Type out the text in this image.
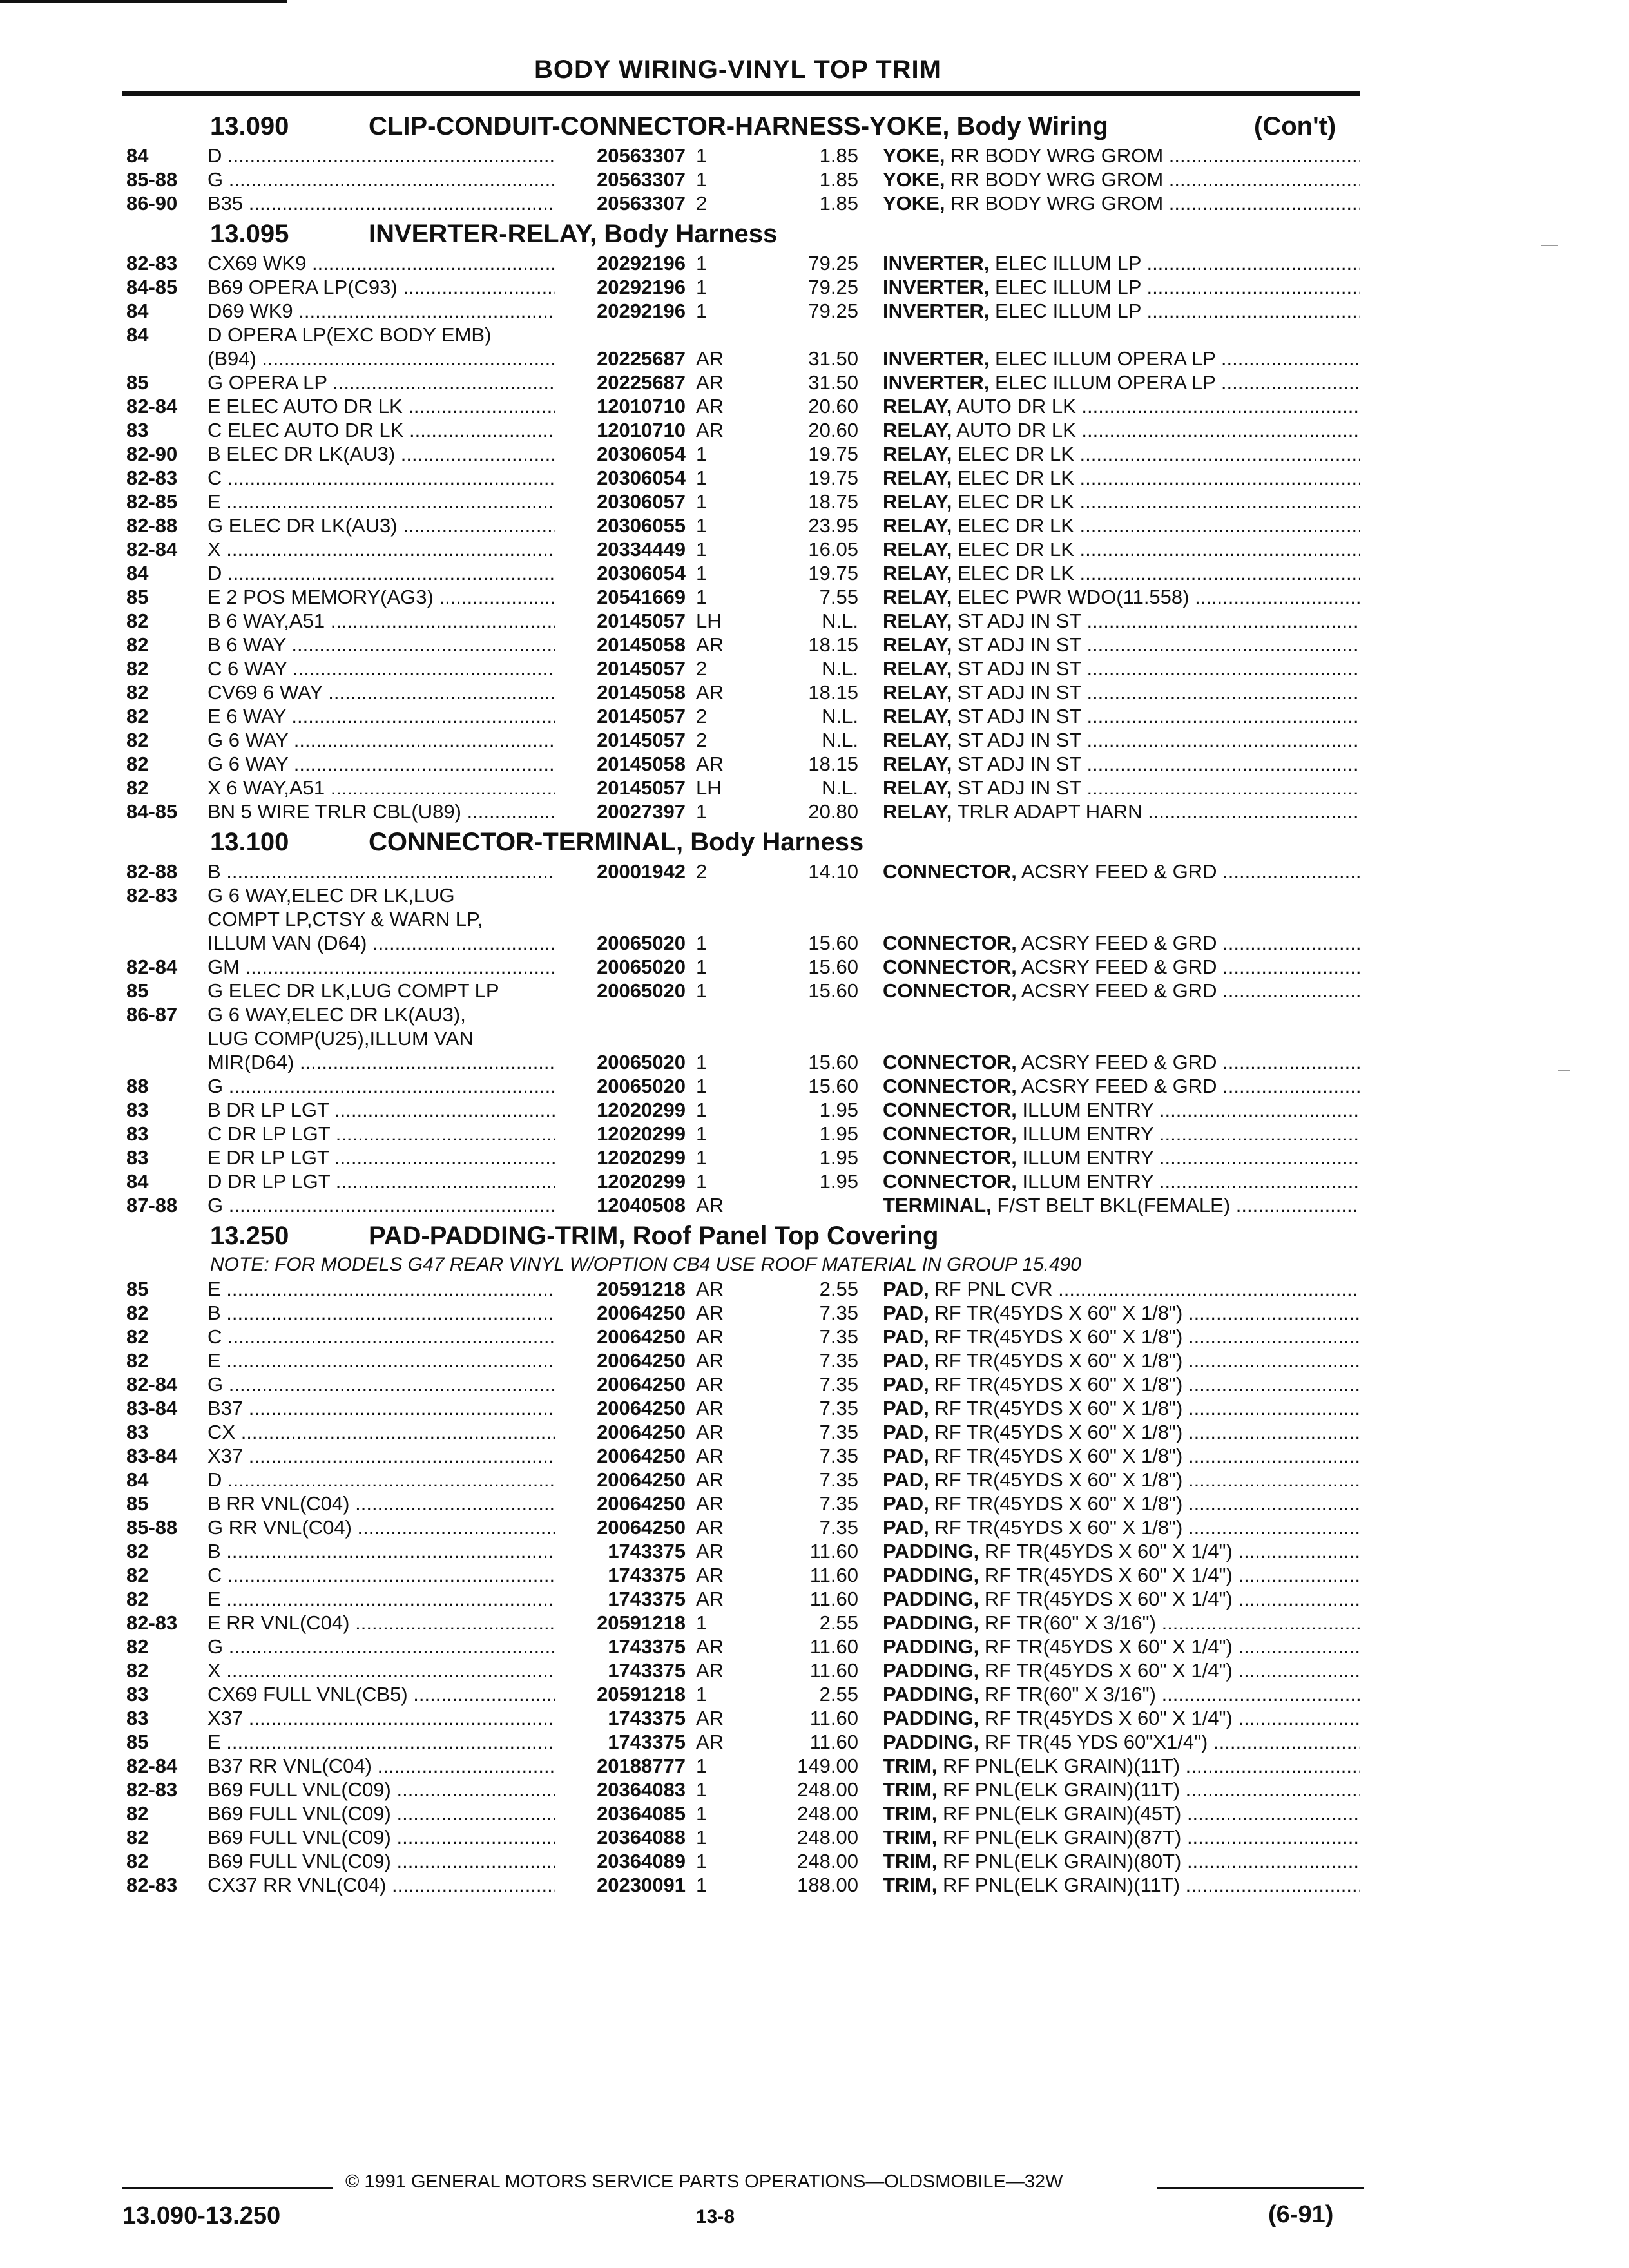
BODY WIRING-VINYL TOP TRIM
13.090	CLIP-CONDUIT-CONNECTOR-HARNESS-YOKE, Body Wiring	(Con't)
84	D .....	20563307 1	1.85 YOKE, RR BODY WRG GROM .....
85-88 G .....	20563307 1	1.85 YOKE, RR BODY WRG GROM .....
86-90 B35 .....	20563307 2	1.85 YOKE, RR BODY WRG GROM .....
13.095	INVERTER-RELAY, Body Harness
82-83 CX69 WK9 .....	20292196 1	79.25 INVERTER, ELEC ILLUM LP .....
84-85 B69 OPERA LP(C93) .....	20292196 1	79.25 INVERTER, ELEC ILLUM LP .....
84	D69 WK9 .....	20292196 1	79.25 INVERTER, ELEC ILLUM LP .....
84	D OPERA LP(EXC BODY EMB)
(B94) .....	20225687 AR	31.50 INVERTER, ELEC ILLUM OPERA LP .....
85	G OPERA LP .....	20225687 AR	31.50 INVERTER, ELEC ILLUM OPERA LP .....
82-84 E ELEC AUTO DR LK .....	12010710 AR	20.60 RELAY, AUTO DR LK .....
83	C ELEC AUTO DR LK .....	12010710 AR	20.60 RELAY, AUTO DR LK .....
82-90 B ELEC DR LK(AU3) .....	20306054 1	19.75 RELAY, ELEC DR LK .....
82-83 C .....	20306054 1	19.75 RELAY, ELEC DR LK .....
82-85 E .....	20306057 1	18.75 RELAY, ELEC DR LK .....
82-88 G ELEC DR LK(AU3) .....	20306055 1	23.95 RELAY, ELEC DR LK .....
82-84 X .....	20334449 1	16.05 RELAY, ELEC DR LK .....
84	D .....	20306054 1	19.75 RELAY, ELEC DR LK .....
85	E 2 POS MEMORY(AG3) .....	20541669 1	7.55 RELAY, ELEC PWR WDO(11.558) .....
82	B 6 WAY,A51 .....	20145057 LH	N.L. RELAY, ST ADJ IN ST .....
82	B 6 WAY .....	20145058 AR	18.15 RELAY, ST ADJ IN ST .....
82	C 6 WAY .....	20145057 2	N.L. RELAY, ST ADJ IN ST .....
82	CV69 6 WAY .....	20145058 AR	18.15 RELAY, ST ADJ IN ST .....
82	E 6 WAY .....	20145057 2	N.L. RELAY, ST ADJ IN ST .....
82	G 6 WAY .....	20145057 2	N.L. RELAY, ST ADJ IN ST .....
82	G 6 WAY .....	20145058 AR	18.15 RELAY, ST ADJ IN ST .....
82	X 6 WAY,A51 .....	20145057 LH	N.L. RELAY, ST ADJ IN ST .....
84-85 BN 5 WIRE TRLR CBL(U89) .....	20027397 1	20.80 RELAY, TRLR ADAPT HARN .....
13.100	CONNECTOR-TERMINAL, Body Harness
82-88 B .....	20001942 2	14.10 CONNECTOR, ACSRY FEED & GRD .....
82-83 G 6 WAY,ELEC DR LK,LUG
COMPT LP,CTSY & WARN LP,
ILLUM VAN (D64) .....	20065020 1	15.60 CONNECTOR, ACSRY FEED & GRD .....
82-84 GM .....	20065020 1	15.60 CONNECTOR, ACSRY FEED & GRD .....
85	G ELEC DR LK,LUG COMPT LP	20065020 1	15.60 CONNECTOR, ACSRY FEED & GRD .....
86-87 G 6 WAY,ELEC DR LK(AU3),
LUG COMP(U25),ILLUM VAN
MIR(D64) .....	20065020 1	15.60 CONNECTOR, ACSRY FEED & GRD .....
88	G .....	20065020 1	15.60 CONNECTOR, ACSRY FEED & GRD .....
83	B DR LP LGT .....	12020299 1	1.95 CONNECTOR, ILLUM ENTRY .....
83	C DR LP LGT .....	12020299 1	1.95 CONNECTOR, ILLUM ENTRY .....
83	E DR LP LGT .....	12020299 1	1.95 CONNECTOR, ILLUM ENTRY .....
84	D DR LP LGT .....	12020299 1	1.95 CONNECTOR, ILLUM ENTRY .....
87-88 G .....	12040508 AR	TERMINAL, F/ST BELT BKL(FEMALE) .....
13.250	PAD-PADDING-TRIM, Roof Panel Top Covering
NOTE: FOR MODELS G47 REAR VINYL W/OPTION CB4 USE ROOF MATERIAL IN GROUP 15.490
85	E .....	20591218 AR	2.55 PAD, RF PNL CVR .....
82	B .....	20064250 AR	7.35 PAD, RF TR(45YDS X 60" X 1/8") .....
82	C .....	20064250 AR	7.35 PAD, RF TR(45YDS X 60" X 1/8") .....
82	E .....	20064250 AR	7.35 PAD, RF TR(45YDS X 60" X 1/8") .....
82-84 G .....	20064250 AR	7.35 PAD, RF TR(45YDS X 60" X 1/8") .....
83-84 B37 .....	20064250 AR	7.35 PAD, RF TR(45YDS X 60" X 1/8") .....
83	CX .....	20064250 AR	7.35 PAD, RF TR(45YDS X 60" X 1/8") .....
83-84 X37 .....	20064250 AR	7.35 PAD, RF TR(45YDS X 60" X 1/8") .....
84	D .....	20064250 AR	7.35 PAD, RF TR(45YDS X 60" X 1/8") .....
85	B RR VNL(C04) .....	20064250 AR	7.35 PAD, RF TR(45YDS X 60" X 1/8") .....
85-88 G RR VNL(C04) .....	20064250 AR	7.35 PAD, RF TR(45YDS X 60" X 1/8") .....
82	B .....	1743375 AR	11.60 PADDING, RF TR(45YDS X 60" X 1/4") .....
82	C .....	1743375 AR	11.60 PADDING, RF TR(45YDS X 60" X 1/4") .....
82	E .....	1743375 AR	11.60 PADDING, RF TR(45YDS X 60" X 1/4") .....
82-83 E RR VNL(C04) .....	20591218 1	2.55 PADDING, RF TR(60" X 3/16") .....
82	G .....	1743375 AR	11.60 PADDING, RF TR(45YDS X 60" X 1/4") .....
82	X .....	1743375 AR	11.60 PADDING, RF TR(45YDS X 60" X 1/4") .....
83	CX69 FULL VNL(CB5) .....	20591218 1	2.55 PADDING, RF TR(60" X 3/16") .....
83	X37 .....	1743375 AR	11.60 PADDING, RF TR(45YDS X 60" X 1/4") .....
85	E .....	1743375 AR	11.60 PADDING, RF TR(45 YDS 60"X1/4") .....
82-84 B37 RR VNL(C04) .....	20188777 1	149.00 TRIM, RF PNL(ELK GRAIN)(11T) .....
82-83 B69 FULL VNL(C09) .....	20364083 1	248.00 TRIM, RF PNL(ELK GRAIN)(11T) .....
82	B69 FULL VNL(C09) .....	20364085 1	248.00 TRIM, RF PNL(ELK GRAIN)(45T) .....
82	B69 FULL VNL(C09) .....	20364088 1	248.00 TRIM, RF PNL(ELK GRAIN)(87T) .....
82	B69 FULL VNL(C09) .....	20364089 1	248.00 TRIM, RF PNL(ELK GRAIN)(80T) .....
82-83 CX37 RR VNL(C04) .....	20230091 1	188.00 TRIM, RF PNL(ELK GRAIN)(11T) .....
© 1991 GENERAL MOTORS SERVICE PARTS OPERATIONS—OLDSMOBILE—32W
13.090-13.250	13-8	(6-91)
